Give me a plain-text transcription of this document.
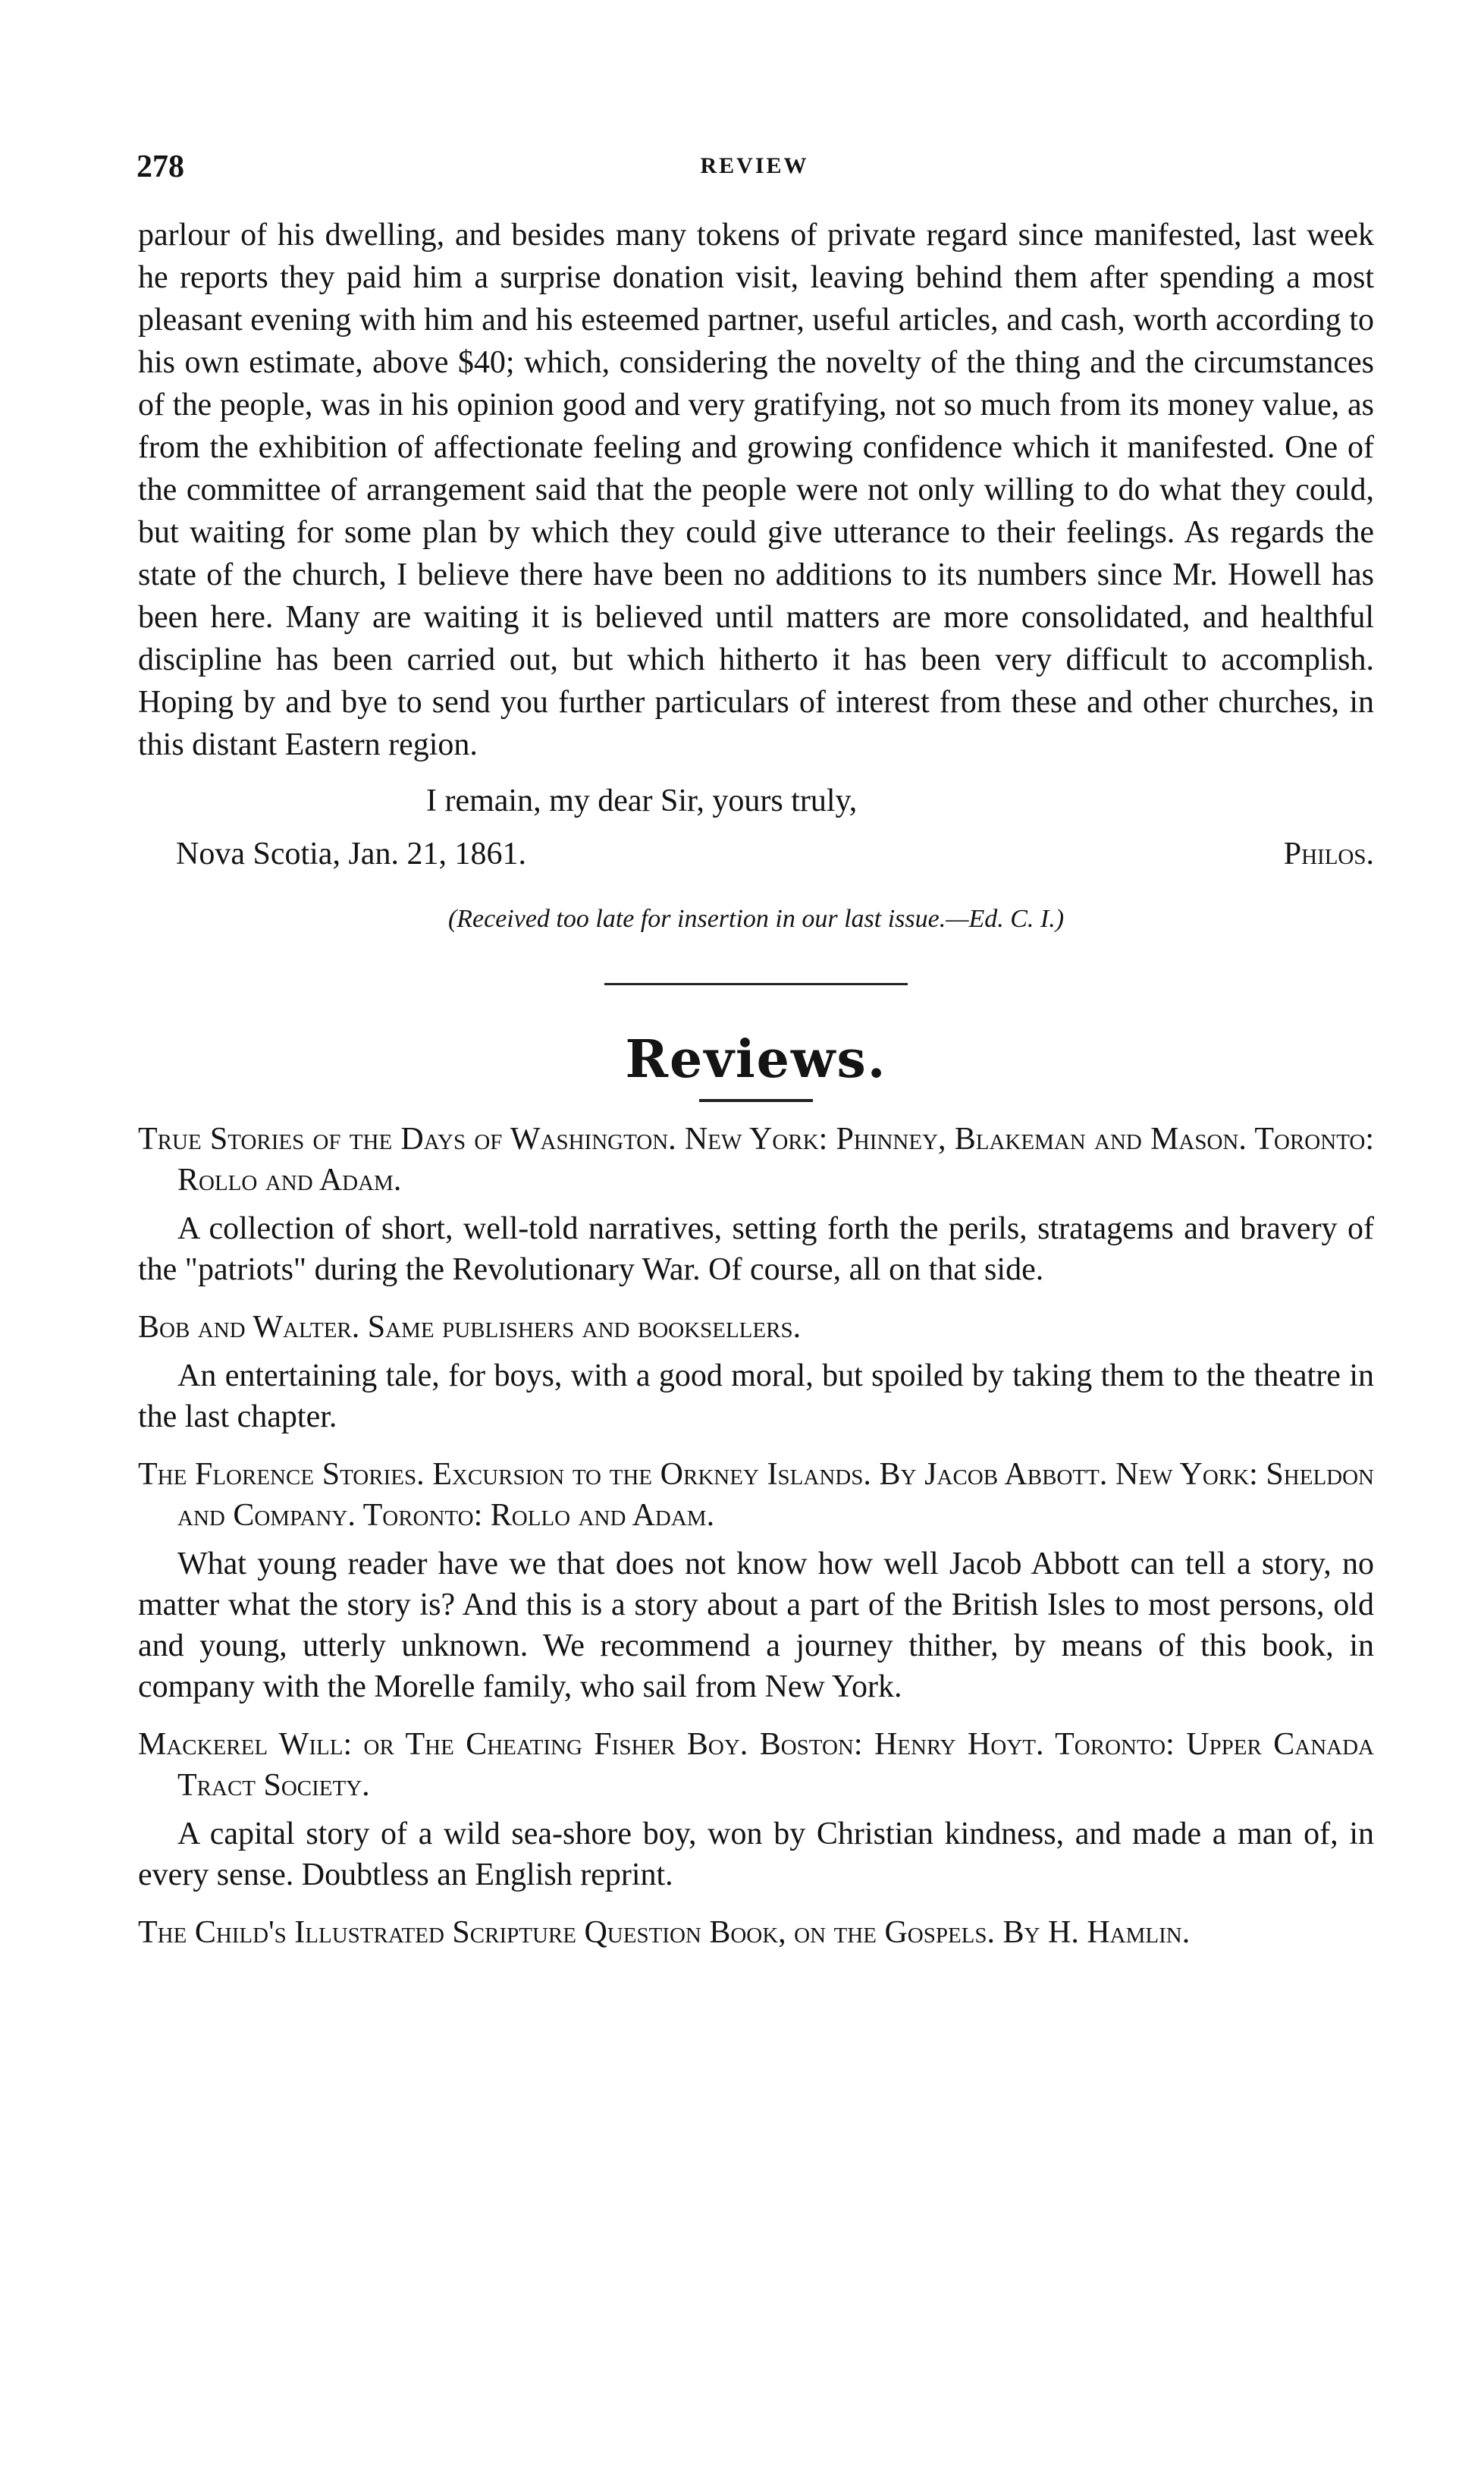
278	REVIEW

parlour of his dwelling, and besides many tokens of private regard since manifested, last week he reports they paid him a surprise donation visit, leaving behind them after spending a most pleasant evening with him and his esteemed partner, useful articles, and cash, worth according to his own estimate, above $40; which, considering the novelty of the thing and the circumstances of the people, was in his opinion good and very gratifying, not so much from its money value, as from the exhibition of affectionate feeling and growing confidence which it manifested. One of the committee of arrangement said that the people were not only willing to do what they could, but waiting for some plan by which they could give utterance to their feelings. As regards the state of the church, I believe there have been no additions to its numbers since Mr. Howell has been here. Many are waiting it is believed until matters are more consolidated, and healthful discipline has been carried out, but which hitherto it has been very difficult to accomplish. Hoping by and bye to send you further particulars of interest from these and other churches, in this distant Eastern region.

I remain, my dear Sir, yours truly,
Nova Scotia, Jan. 21, 1861.	Philos.
(Received too late for insertion in our last issue.—Ed. C. I.)
Reviews.

True Stories of the Days of Washington. New York: Phinney, Blakeman and Mason. Toronto: Rollo and Adam.

A collection of short, well-told narratives, setting forth the perils, stratagems and bravery of the "patriots" during the Revolutionary War. Of course, all on that side.

Bob and Walter. Same publishers and booksellers.

An entertaining tale, for boys, with a good moral, but spoiled by taking them to the theatre in the last chapter.

The Florence Stories. Excursion to the Orkney Islands. By Jacob Abbott. New York: Sheldon and Company. Toronto: Rollo and Adam.

What young reader have we that does not know how well Jacob Abbott can tell a story, no matter what the story is? And this is a story about a part of the British Isles to most persons, old and young, utterly unknown. We recommend a journey thither, by means of this book, in company with the Morelle family, who sail from New York.

Mackerel Will: or The Cheating Fisher Boy. Boston: Henry Hoyt. Toronto: Upper Canada Tract Society.

A capital story of a wild sea-shore boy, won by Christian kindness, and made a man of, in every sense. Doubtless an English reprint.

The Child's Illustrated Scripture Question Book, on the Gospels. By H. Hamlin.
